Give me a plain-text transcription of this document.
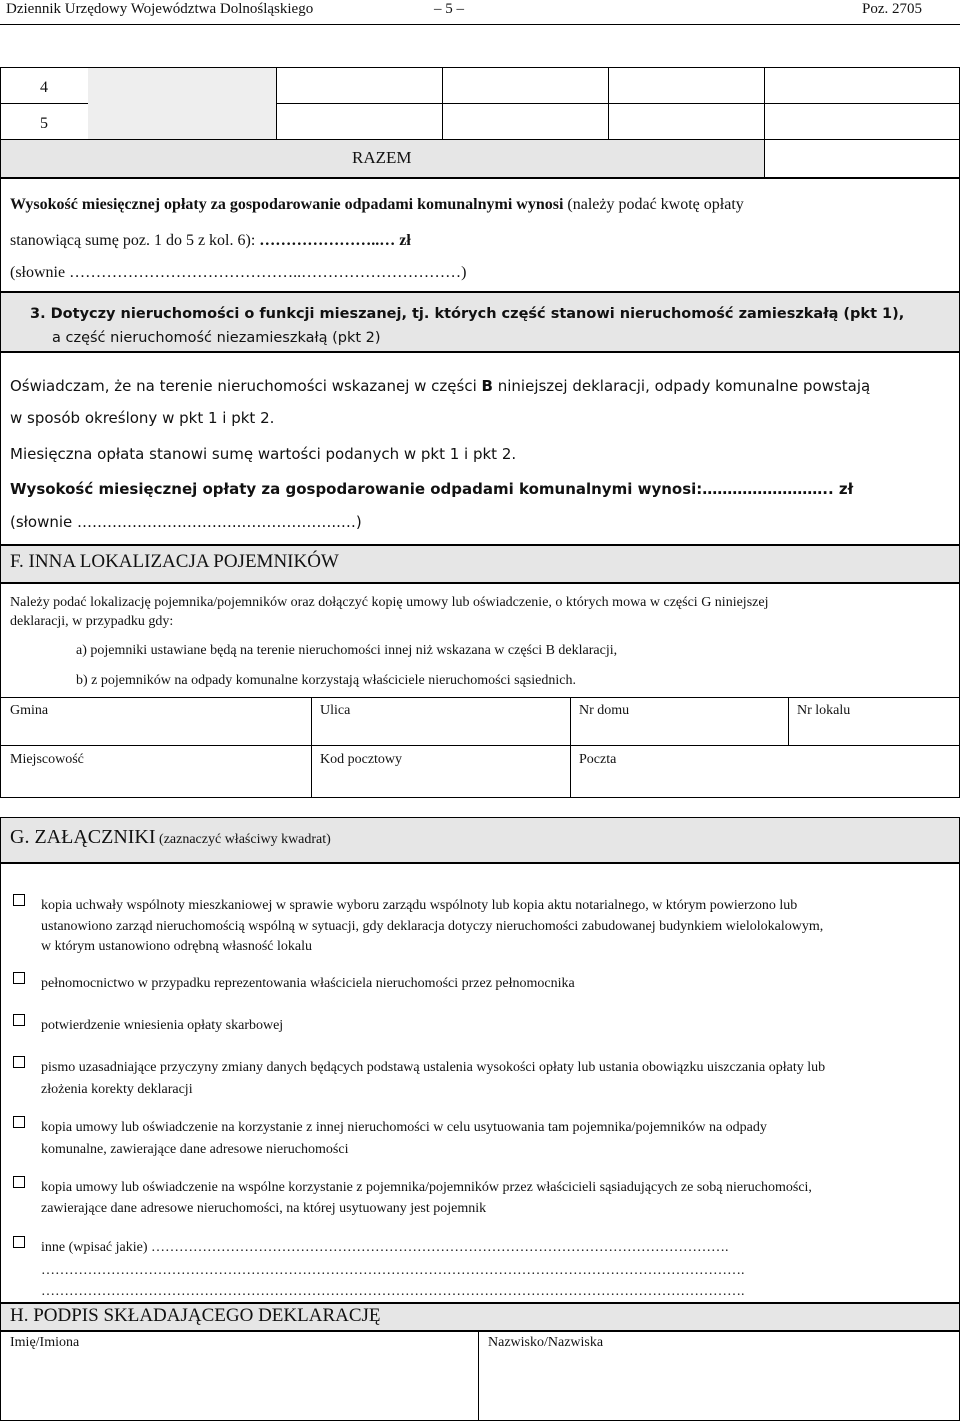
Dziennik Urzędowy Województwa Dolnośląskiego	– 5 –	Poz. 2705
4
5
RAZEM
Wysokość miesięcznej opłaty za gospodarowanie odpadami komunalnymi wynosi (należy podać kwotę opłaty
stanowiącą sumę poz. 1 do 5 z kol. 6): …………………..… zł
(słownie ……………………………………..…………………………)
3. Dotyczy nieruchomości o funkcji mieszanej, tj. których część stanowi nieruchomość zamieszkałą (pkt 1),
a część nieruchomość niezamieszkałą (pkt 2)
Oświadczam, że na terenie nieruchomości wskazanej w części B niniejszej deklaracji, odpady komunalne powstają
w sposób określony w pkt 1 i pkt 2.
Miesięczna opłata stanowi sumę wartości podanych w pkt 1 i pkt 2.
Wysokość miesięcznej opłaty za gospodarowanie odpadami komunalnymi wynosi:…………………….. zł
(słownie ………………….………..………………..…)
F. INNA LOKALIZACJA POJEMNIKÓW
Należy podać lokalizację pojemnika/pojemników oraz dołączyć kopię umowy lub oświadczenie, o których mowa w części G niniejszej
deklaracji, w przypadku gdy:
a) pojemniki ustawiane będą na terenie nieruchomości innej niż wskazana w części B deklaracji,
b) z pojemników na odpady komunalne korzystają właściciele nieruchomości sąsiednich.
Gmina	Ulica	Nr domu	Nr lokalu
Miejscowość	Kod pocztowy	Poczta
G. ZAŁĄCZNIKI (zaznaczyć właściwy kwadrat)
kopia uchwały wspólnoty mieszkaniowej w sprawie wyboru zarządu wspólnoty lub kopia aktu notarialnego, w którym powierzono lub
ustanowiono zarząd nieruchomością wspólną w sytuacji, gdy deklaracja dotyczy nieruchomości zabudowanej budynkiem wielolokalowym,
w którym ustanowiono odrębną własność lokalu
pełnomocnictwo w przypadku reprezentowania właściciela nieruchomości przez pełnomocnika
potwierdzenie wniesienia opłaty skarbowej
pismo uzasadniające przyczyny zmiany danych będących podstawą ustalenia wysokości opłaty lub ustania obowiązku uiszczania opłaty lub
złożenia korekty deklaracji
kopia umowy lub oświadczenie na korzystanie z innej nieruchomości w celu usytuowania tam pojemnika/pojemników na odpady
komunalne, zawierające dane adresowe nieruchomości
kopia umowy lub oświadczenie na wspólne korzystanie z pojemnika/pojemników przez właścicieli sąsiadujących ze sobą nieruchomości,
zawierające dane adresowe nieruchomości, na której usytuowany jest pojemnik
inne (wpisać jakie) …………………………………………………………………………………………………………….
…………………………………………………………………………………………………………………………………….
…………………………………………………………………………………………………………………………………….
H. PODPIS SKŁADAJĄCEGO DEKLARACJĘ
Imię/Imiona	Nazwisko/Nazwiska
